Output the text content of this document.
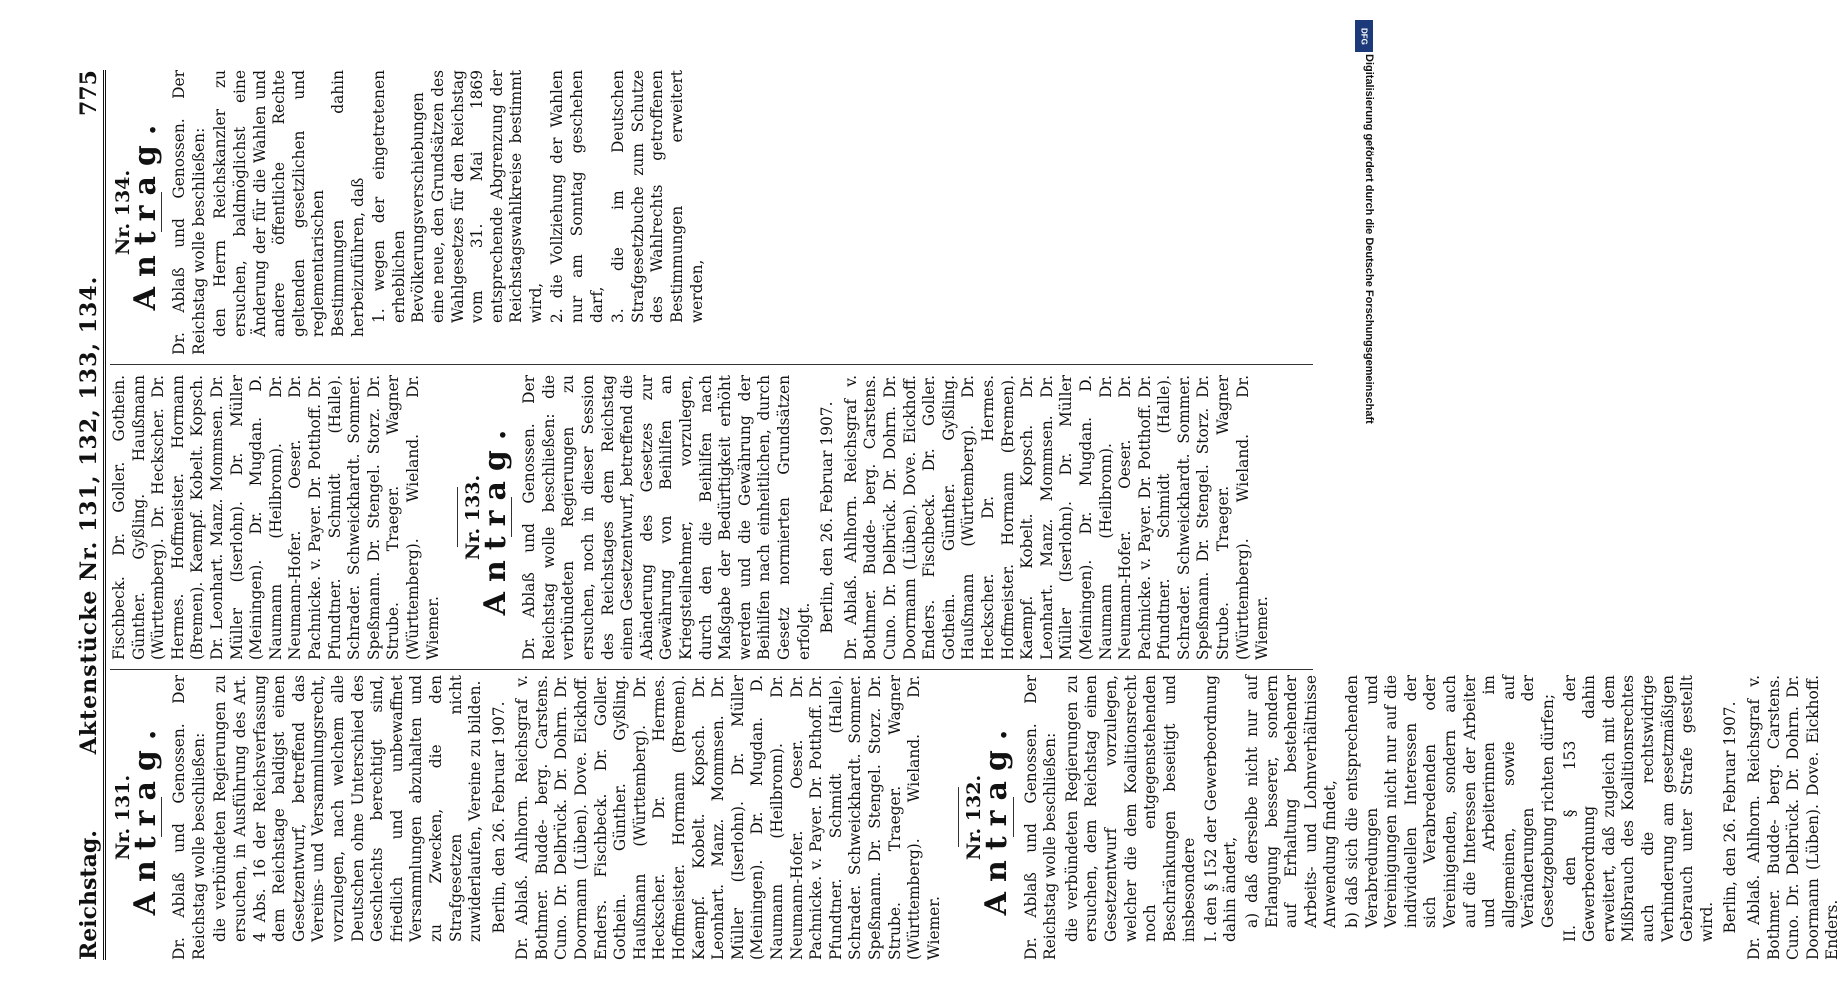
Reichstag.
Aktenstücke Nr. 131, 132, 133, 134.
775
Nr. 131.
Antrag. Dr. Ablaß und Genossen. Der Reichstag wolle beschließen: die verbündeten Regierungen zu ersuchen, in Ausführung des Art. 4 Abs. 16 der Reichsverfassung dem Reichstage baldigst einen Gesetzentwurf, betreffend das Vereins- und Versammlungsrecht, vorzulegen, nach welchem alle Deutschen ohne Unterschied des Geschlechts berechtigt sind, friedlich und unbewaffnet Versammlungen abzuhalten und zu Zwecken, die den Strafgesetzen nicht zuwiderlaufen, Vereine zu bilden. Berlin, den 26. Februar 1907. Dr. Ablaß. Ahlhorn. Reichsgraf v. Bothmer. Budde- berg. Carstens. Cuno. Dr. Delbrück. Dr. Dohrn. Dr. Doormann (Lüben). Dove. Eickhoff. Enders. Fischbeck. Dr. Goller. Gothein. Günther. Gyßling. Haußmann (Württemberg). Dr. Heckscher. Dr. Hermes. Hoffmeister. Hormann (Bremen). Kaempf. Kobelt. Kopsch. Dr. Leonhart. Manz. Mommsen. Dr. Müller (Iserlohn). Dr. Müller (Meiningen). Dr. Mugdan. D. Naumann (Heilbronn). Dr. Neumann-Hofer. Oeser. Dr. Pachnicke. v. Payer. Dr. Potthoff. Dr. Pfundtner. Schmidt (Halle). Schrader. Schweickhardt. Sommer. Speßmann. Dr. Stengel. Storz. Dr. Strube. Traeger. Wagner (Württemberg). Wieland. Dr. Wiemer.

Nr. 132.
Antrag. Dr. Ablaß und Genossen. Der Reichstag wolle beschließen: die verbündeten Regierungen zu ersuchen, dem Reichstag einen Gesetzentwurf vorzulegen, welcher die dem Koalitionsrecht noch entgegenstehenden Beschränkungen beseitigt und insbesondere I. den § 152 der Gewerbeordnung dahin ändert, a) daß derselbe nicht nur auf Erlangung besserer, sondern auf Erhaltung bestehender Arbeits- und Lohnverhältnisse Anwendung findet, b) daß sich die entsprechenden Verabredungen und Vereinigungen nicht nur auf die individuellen Interessen der sich Verabredenden oder Vereinigenden, sondern auch auf die Interessen der Arbeiter und Arbeiterinnen im allgemeinen, sowie auf Veränderungen der Gesetzgebung richten dürfen; II. den § 153 der Gewerbeordnung dahin erweitert, daß zugleich mit dem Mißbrauch des Koalitionsrechtes auch die rechtswidrige Verhinderung am gesetzmäßigen Gebrauch unter Strafe gestellt wird. Berlin, den 26. Februar 1907. Dr. Ablaß. Ahlhorn. Reichsgraf v. Bothmer. Budde- berg. Carstens. Cuno. Dr. Delbrück. Dr. Dohrn. Dr. Doormann (Lüben). Dove. Eickhoff. Enders.

Fischbeck. Dr. Goller. Gothein. Günther. Gyßling. Haußmann (Württemberg). Dr. Heckscher. Dr. Hermes. Hoffmeister. Hormann (Bremen). Kaempf. Kobelt. Kopsch. Dr. Leonhart. Manz. Mommsen. Dr. Müller (Iserlohn). Dr. Müller (Meiningen). Dr. Mugdan. D. Naumann (Heilbronn). Dr. Neumann-Hofer. Oeser. Dr. Pachnicke. v. Payer. Dr. Potthoff. Dr. Pfundtner. Schmidt (Halle). Schrader. Schweickhardt. Sommer. Speßmann. Dr. Stengel. Storz. Dr. Strube. Traeger. Wagner (Württemberg). Wieland. Dr. Wiemer.

Nr. 133.
Antrag. Dr. Ablaß und Genossen. Der Reichstag wolle beschließen: die verbündeten Regierungen zu ersuchen, noch in dieser Session des Reichstages dem Reichstag einen Gesetzentwurf, betreffend die Abänderung des Gesetzes zur Gewährung von Beihilfen an Kriegsteilnehmer, vorzulegen, durch den die Beihilfen nach Maßgabe der Bedürftigkeit erhöht werden und die Gewährung der Beihilfen nach einheitlichen, durch Gesetz normierten Grundsätzen erfolgt. Berlin, den 26. Februar 1907. Dr. Ablaß. Ahlhorn. Reichsgraf v. Bothmer. Budde- berg. Carstens. Cuno. Dr. Delbrück. Dr. Dohrn. Dr. Doormann (Lüben). Dove. Eickhoff. Enders. Fischbeck. Dr. Goller. Gothein. Günther. Gyßling. Haußmann (Württemberg). Dr. Heckscher. Dr. Hermes. Hoffmeister. Hormann (Bremen). Kaempf. Kobelt. Kopsch. Dr. Leonhart. Manz. Mommsen. Dr. Müller (Iserlohn). Dr. Müller (Meiningen). Dr. Mugdan. D. Naumann (Heilbronn). Dr. Neumann-Hofer. Oeser. Dr. Pachnicke. v. Payer. Dr. Potthoff. Dr. Pfundtner. Schmidt (Halle). Schrader. Schweickhardt. Sommer. Speßmann. Dr. Stengel. Storz. Dr. Strube. Traeger. Wagner (Württemberg). Wieland. Dr. Wiemer.

Nr. 134.
Antrag. Dr. Ablaß und Genossen. Der Reichstag wolle beschließen: den Herrn Reichskanzler zu ersuchen, baldmöglichst eine Änderung der für die Wahlen und andere öffentliche Rechte geltenden gesetzlichen und reglementarischen Bestimmungen dahin herbeizuführen, daß 1. wegen der eingetretenen erheblichen Bevölkerungsverschiebungen eine neue, den Grundsätzen des Wahlgesetzes für den Reichstag vom 31. Mai 1869 entsprechende Abgrenzung der Reichstagswahlkreise bestimmt wird, 2. die Vollziehung der Wahlen nur am Sonntag geschehen darf, 3. die im Deutschen Strafgesetzbuche zum Schutze des Wahlrechts getroffenen Bestimmungen erweitert werden,

DFG
Digitalisierung gefördert durch die Deutsche Forschungsgemeinschaft
